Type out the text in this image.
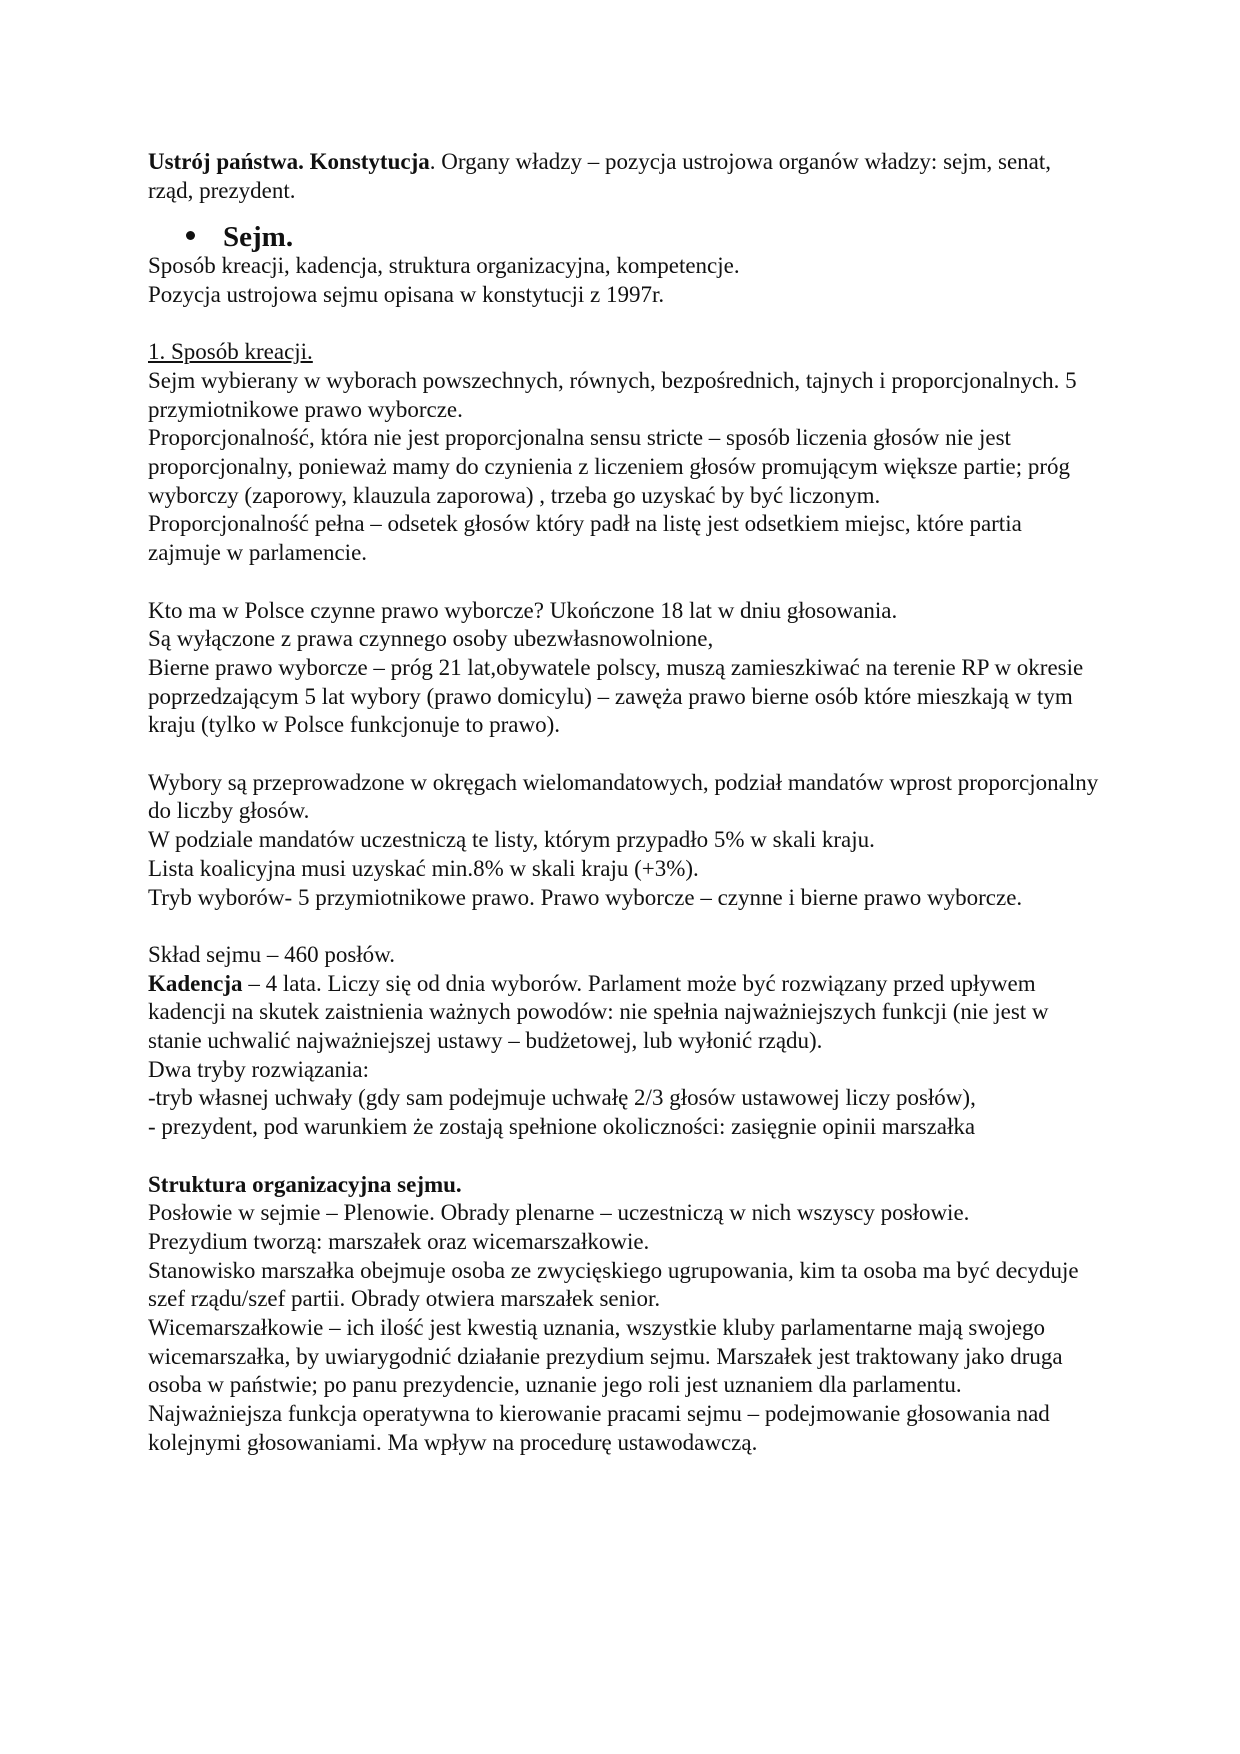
Ustrój państwa. Konstytucja. Organy władzy – pozycja ustrojowa organów władzy: sejm, senat, rząd, prezydent.

Sejm.

Sposób kreacji, kadencja, struktura organizacyjna, kompetencje.

Pozycja ustrojowa sejmu opisana w konstytucji z 1997r.

1. Sposób kreacji.

Sejm wybierany w wyborach powszechnych, równych, bezpośrednich, tajnych i proporcjonalnych. 5 przymiotnikowe prawo wyborcze.

Proporcjonalność, która nie jest proporcjonalna sensu stricte – sposób liczenia głosów nie jest proporcjonalny, ponieważ mamy do czynienia z liczeniem głosów promującym większe partie; próg wyborczy (zaporowy, klauzula zaporowa) , trzeba go uzyskać by być liczonym.

Proporcjonalność pełna – odsetek głosów który padł na listę jest odsetkiem miejsc, które partia zajmuje w parlamencie.

Kto ma w Polsce czynne prawo wyborcze? Ukończone 18 lat w dniu głosowania.

Są wyłączone z prawa czynnego osoby ubezwłasnowolnione,

Bierne prawo wyborcze – próg 21 lat,obywatele polscy, muszą zamieszkiwać na terenie RP w okresie poprzedzającym 5 lat wybory (prawo domicylu) – zawęża prawo bierne osób które mieszkają w tym kraju (tylko w Polsce funkcjonuje to prawo).

Wybory są przeprowadzone w okręgach wielomandatowych, podział mandatów wprost proporcjonalny do liczby głosów.

W podziale mandatów uczestniczą te listy, którym przypadło 5% w skali kraju.

Lista koalicyjna musi uzyskać min.8% w skali kraju (+3%).

Tryb wyborów- 5 przymiotnikowe prawo. Prawo wyborcze – czynne i bierne prawo wyborcze.

Skład sejmu – 460 posłów.

Kadencja – 4 lata. Liczy się od dnia wyborów. Parlament może być rozwiązany przed upływem kadencji na skutek zaistnienia ważnych powodów: nie spełnia najważniejszych funkcji (nie jest w stanie uchwalić najważniejszej ustawy – budżetowej, lub wyłonić rządu).

Dwa tryby rozwiązania:

-tryb własnej uchwały (gdy sam podejmuje uchwałę 2/3 głosów ustawowej liczy posłów),

- prezydent, pod warunkiem że zostają spełnione okoliczności: zasięgnie opinii marszałka

Struktura organizacyjna sejmu.

Posłowie w sejmie – Plenowie. Obrady plenarne – uczestniczą w nich wszyscy posłowie.

Prezydium tworzą: marszałek oraz wicemarszałkowie.

Stanowisko marszałka obejmuje osoba ze zwycięskiego ugrupowania, kim ta osoba ma być decyduje szef rządu/szef partii. Obrady otwiera marszałek senior.

Wicemarszałkowie – ich ilość jest kwestią uznania, wszystkie kluby parlamentarne mają swojego wicemarszałka, by uwiarygodnić działanie prezydium sejmu. Marszałek jest traktowany jako druga osoba w państwie; po panu prezydencie, uznanie jego roli jest uznaniem dla parlamentu.

Najważniejsza funkcja operatywna to kierowanie pracami sejmu – podejmowanie głosowania nad kolejnymi głosowaniami. Ma wpływ na procedurę ustawodawczą.
